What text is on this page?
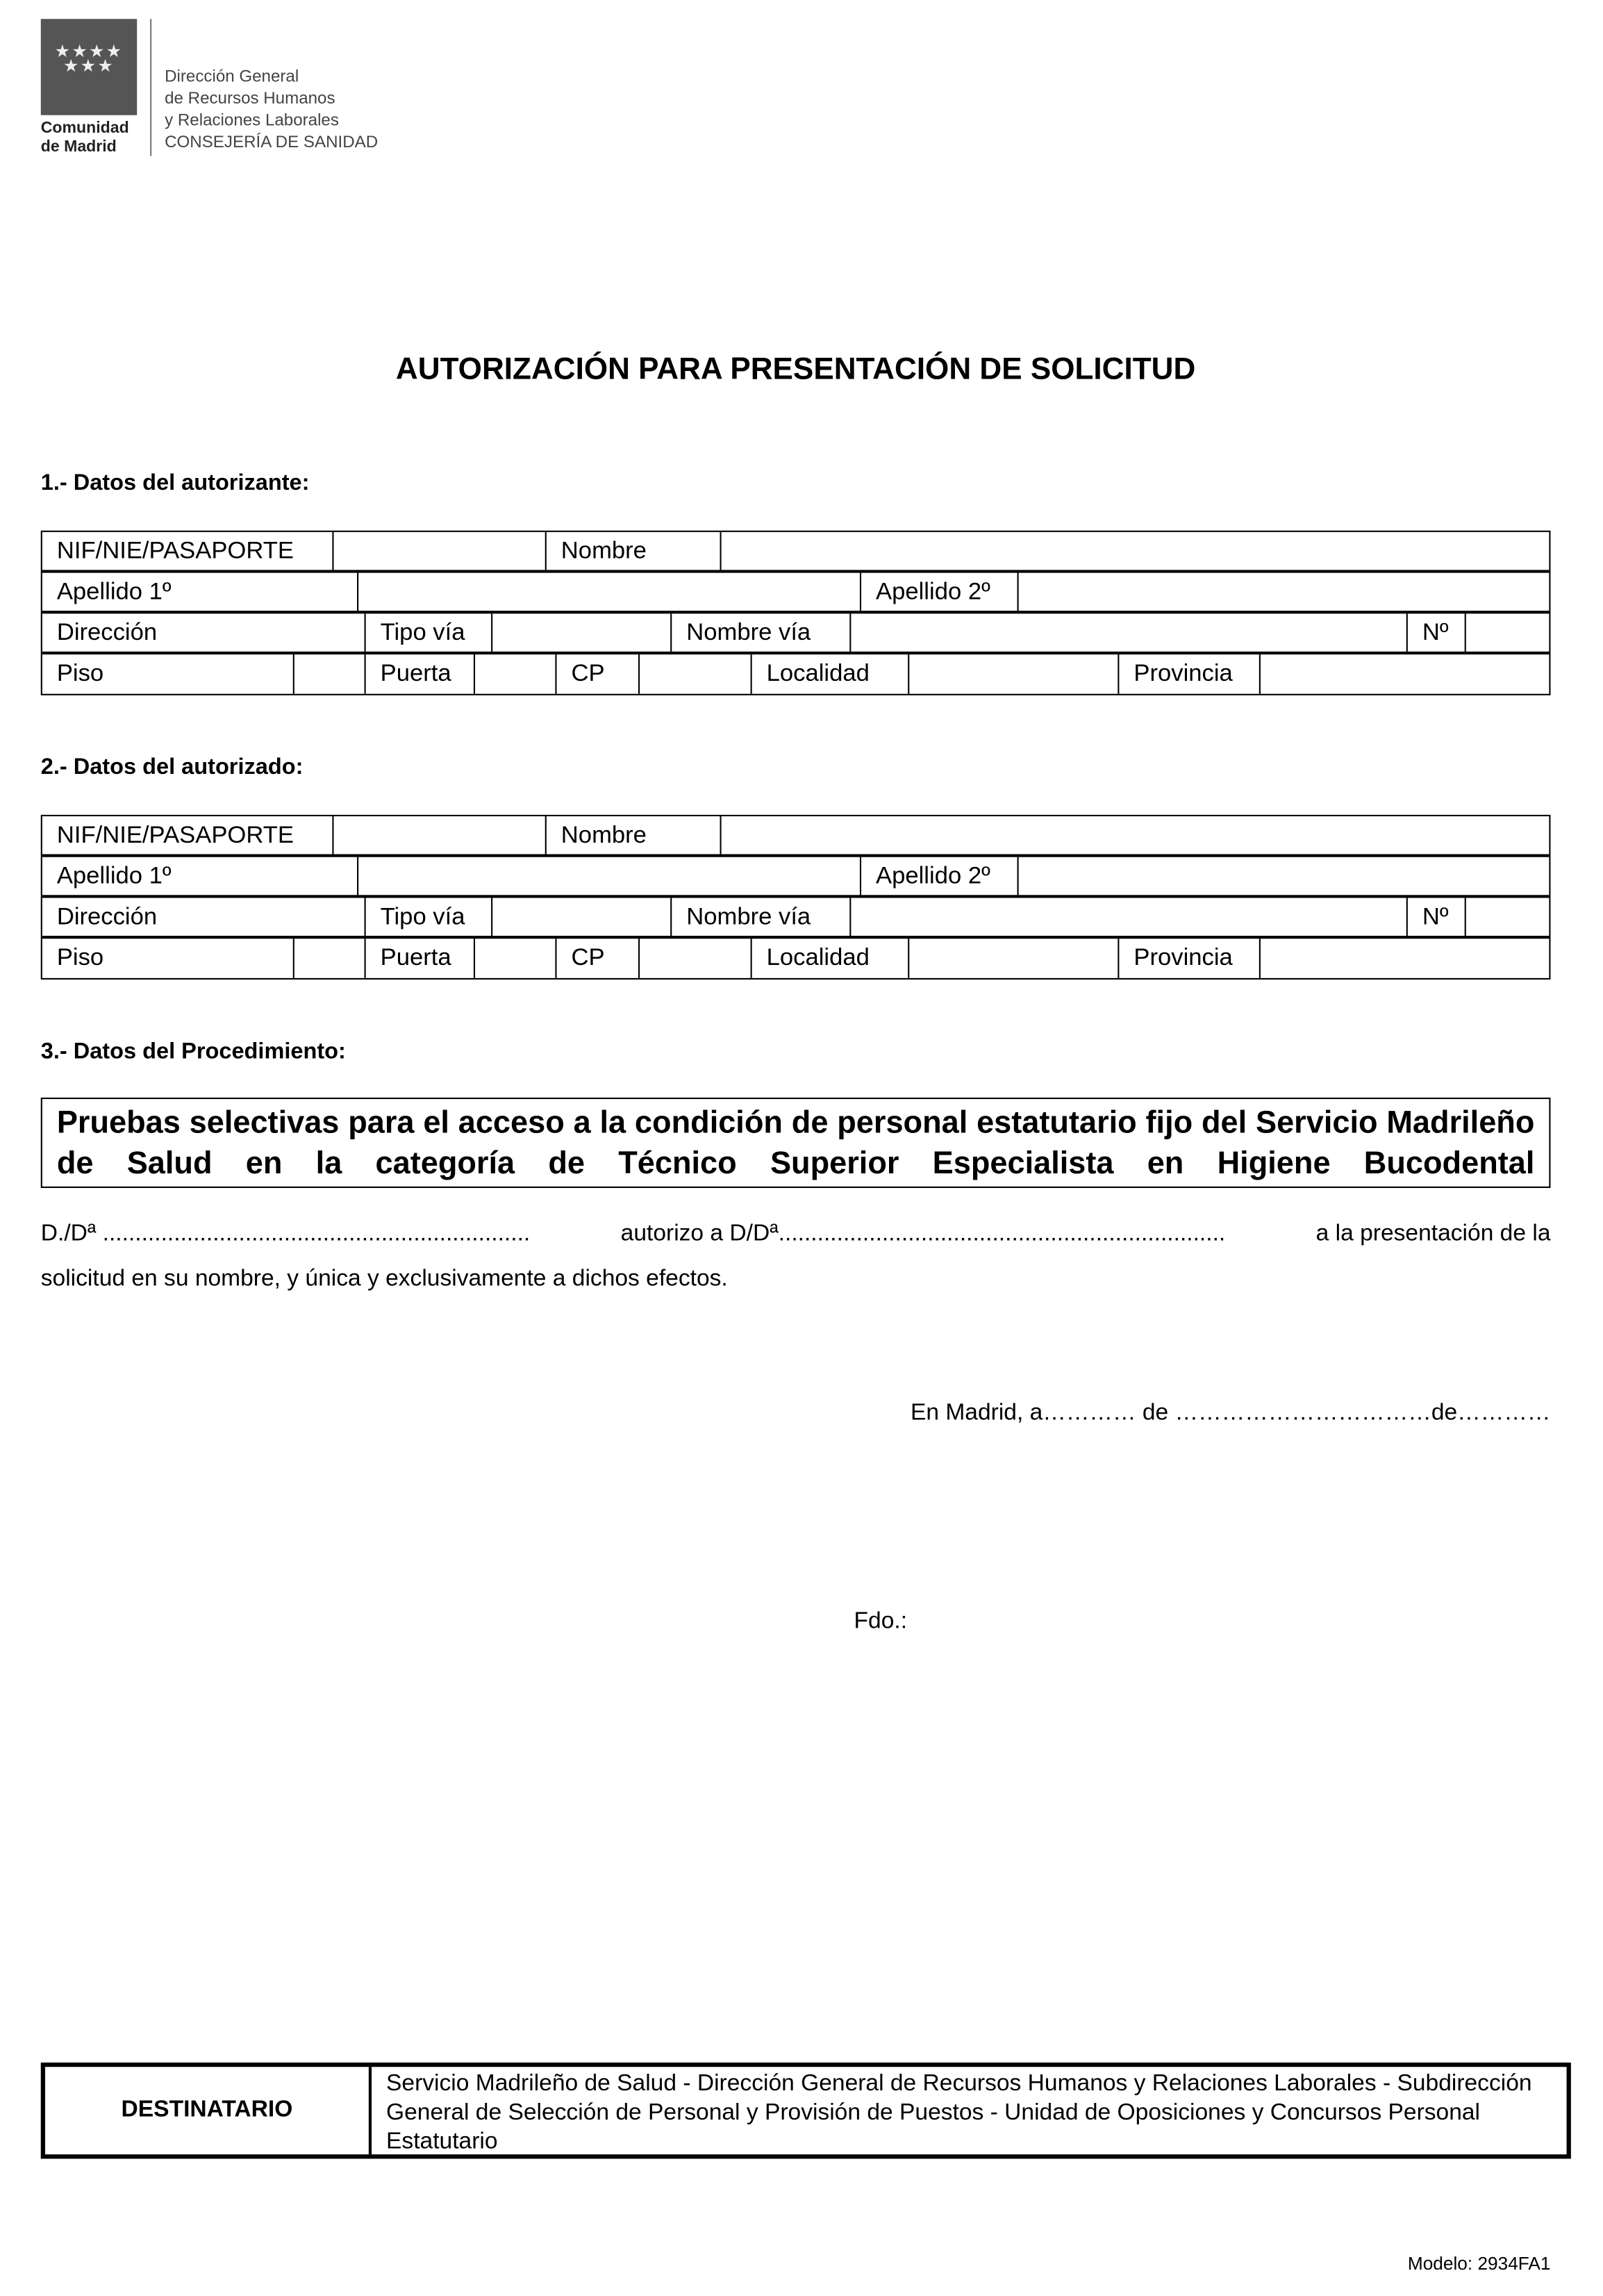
★★★★
★★★
Comunidad
de Madrid
Dirección General
de Recursos Humanos
y Relaciones Laborales
CONSEJERÍA DE SANIDAD
AUTORIZACIÓN PARA PRESENTACIÓN DE SOLICITUD
1.- Datos del autorizante:
NIF/NIE/PASAPORTE	Nombre
Apellido 1º	Apellido 2º
Dirección	Tipo vía	Nombre vía	Nº
Piso	Puerta	CP	Localidad	Provincia
2.- Datos del autorizado:
NIF/NIE/PASAPORTE	Nombre
Apellido 1º	Apellido 2º
Dirección	Tipo vía	Nombre vía	Nº
Piso	Puerta	CP	Localidad	Provincia
3.- Datos del Procedimiento:
Pruebas selectivas para el acceso a la condición de personal estatutario fijo del Servicio Madrileño de Salud en la categoría de Técnico Superior Especialista en Higiene Bucodental
D./Dª ..................................................................	autorizo a D/Dª.....................................................................	a la presentación de la
solicitud en su nombre, y única y exclusivamente a dichos efectos.
En Madrid, a………… de ……………………………de…………
Fdo.:
DESTINATARIO
Servicio Madrileño de Salud - Dirección General de Recursos Humanos y Relaciones Laborales - Subdirección General de Selección de Personal y Provisión de Puestos - Unidad de Oposiciones y Concursos Personal Estatutario
Modelo: 2934FA1
